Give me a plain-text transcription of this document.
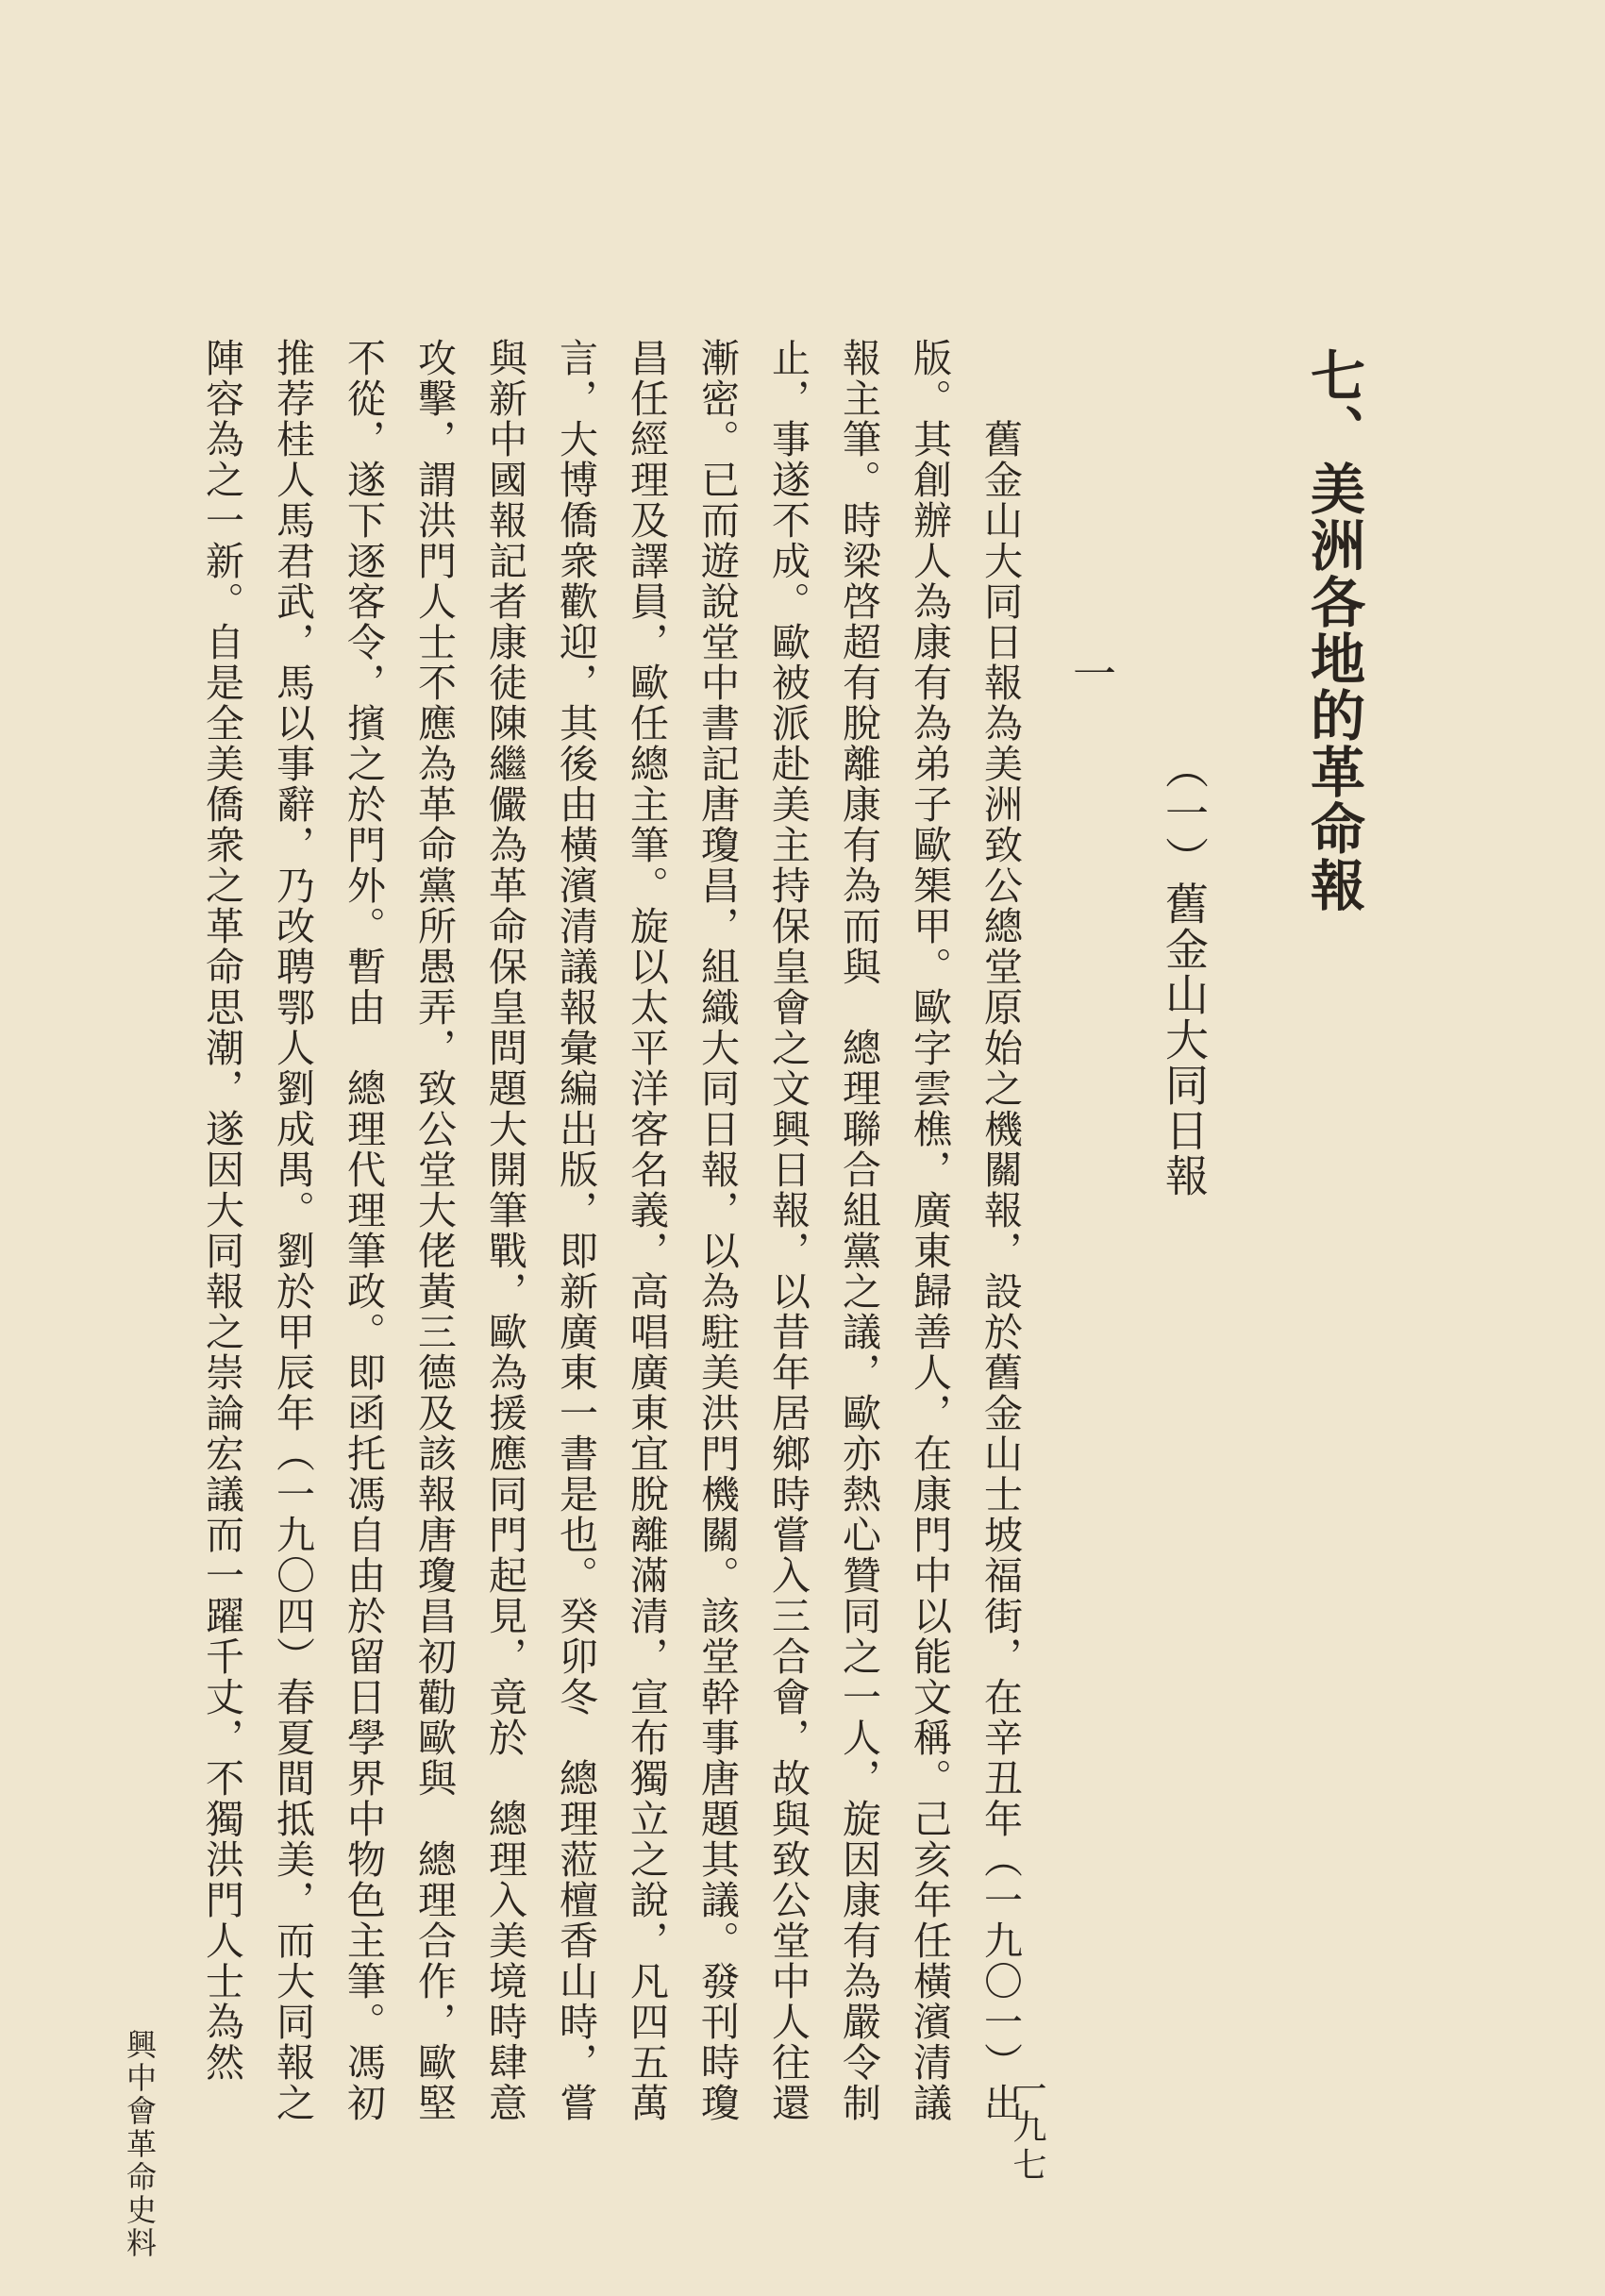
七、美洲各地的革命報
（一）舊金山大同日報
一
舊金山大同日報為美洲致公總堂原始之機關報，設於舊金山士坡福街，在辛丑年（一九〇一）出
版。其創辦人為康有為弟子歐榘甲。歐字雲樵，廣東歸善人，在康門中以能文稱。己亥年任橫濱清議
報主筆。時梁啓超有脫離康有為而與　總理聯合組黨之議，歐亦熱心贊同之一人，旋因康有為嚴令制
止，事遂不成。歐被派赴美主持保皇會之文興日報，以昔年居鄉時嘗入三合會，故與致公堂中人往還
漸密。已而遊說堂中書記唐瓊昌，組織大同日報，以為駐美洪門機關。該堂幹事唐題其議。發刊時瓊
昌任經理及譯員，歐任總主筆。旋以太平洋客名義，高唱廣東宜脫離滿清，宣布獨立之說，凡四五萬
言，大博僑衆歡迎，其後由橫濱清議報彙編出版，即新廣東一書是也。癸卯冬　總理蒞檀香山時，嘗
與新中國報記者康徒陳繼儼為革命保皇問題大開筆戰，歐為援應同門起見，竟於　總理入美境時肆意
攻擊，謂洪門人士不應為革命黨所愚弄，致公堂大佬黃三德及該報唐瓊昌初勸歐與　總理合作，歐堅
不從，遂下逐客令，擯之於門外。暫由　總理代理筆政。即函托馮自由於留日學界中物色主筆。馮初
推荐桂人馬君武，馬以事辭，乃改聘鄂人劉成禺。劉於甲辰年（一九〇四）春夏間抵美，而大同報之
陣容為之一新。自是全美僑衆之革命思潮，遂因大同報之崇論宏議而一躍千丈，不獨洪門人士為然
興中會革命史料	一九七
